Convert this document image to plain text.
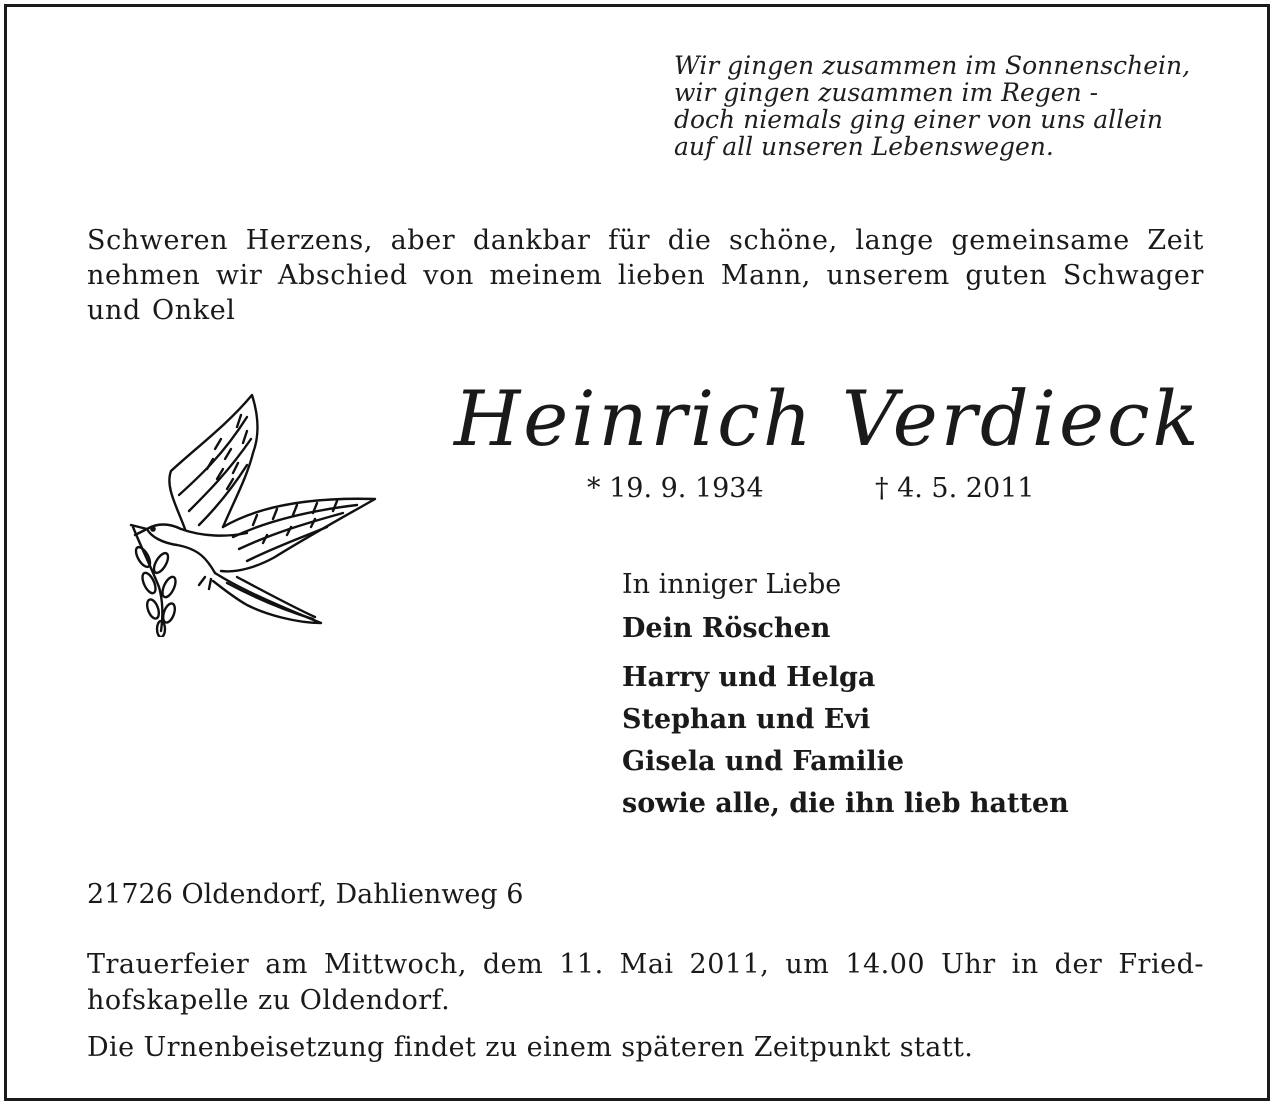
Wir gingen zusammen im Sonnenschein,
wir gingen zusammen im Regen -
doch niemals ging einer von uns allein
auf all unseren Lebenswegen.
Schweren Herzens, aber dankbar für die schöne, lange gemeinsame Zeit nehmen wir Abschied von meinem lieben Mann, unserem guten Schwager und Onkel
Heinrich Verdieck
* 19. 9. 1934	† 4. 5. 2011
In inniger Liebe
Dein Röschen
Harry und Helga
Stephan und Evi
Gisela und Familie
sowie alle, die ihn lieb hatten
21726 Oldendorf, Dahlienweg 6
Trauerfeier am Mittwoch, dem 11. Mai 2011, um 14.00 Uhr in der Fried-
hofskapelle zu Oldendorf.
Die Urnenbeisetzung findet zu einem späteren Zeitpunkt statt.
